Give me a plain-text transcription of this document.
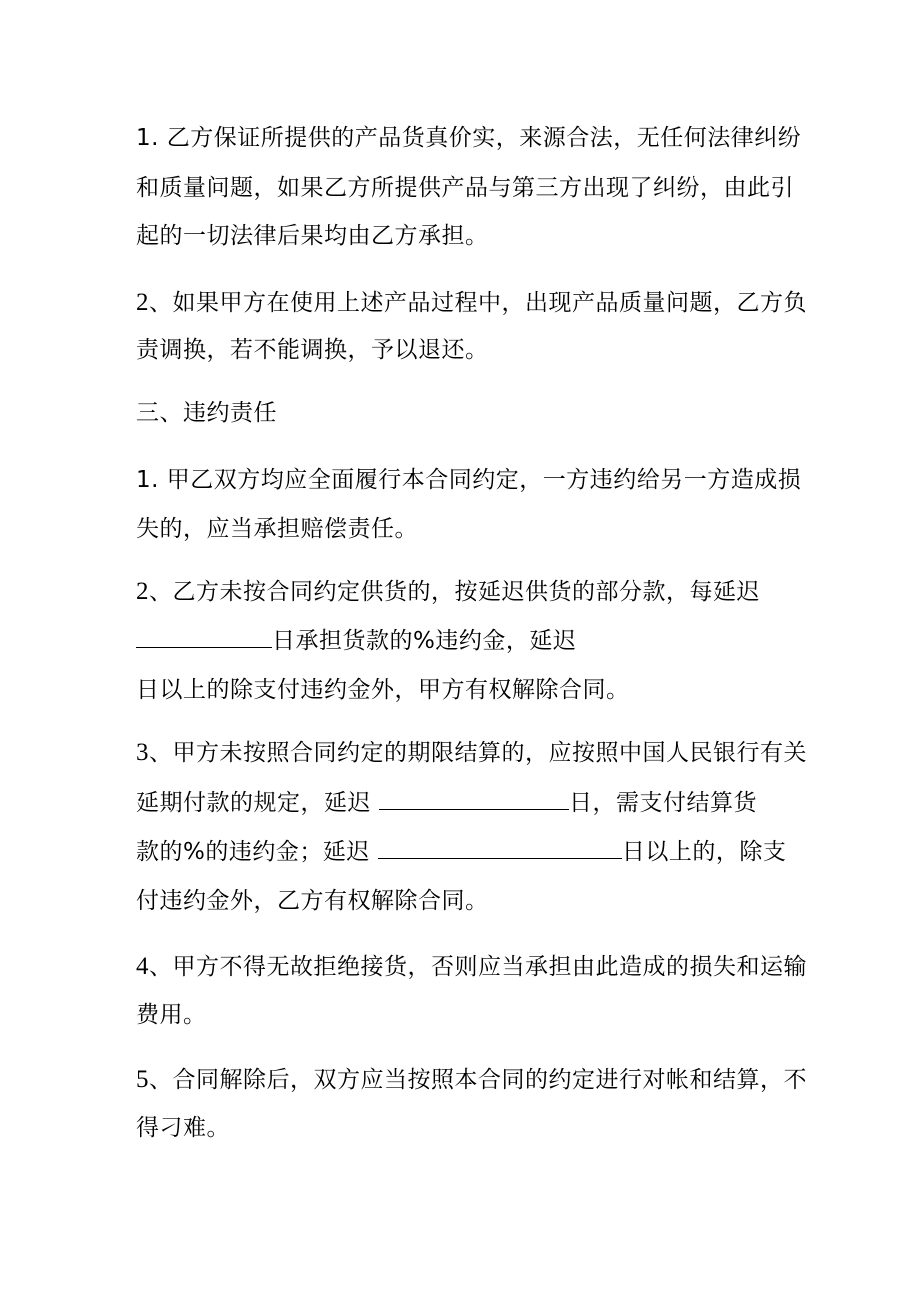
1. 乙方保证所提供的产品货真价实，来源合法，无任何法律纠纷
和质量问题，如果乙方所提供产品与第三方出现了纠纷，由此引
起的一切法律后果均由乙方承担。
2、如果甲方在使用上述产品过程中，出现产品质量问题，乙方负
责调换，若不能调换，予以退还。
三、违约责任
1. 甲乙双方均应全面履行本合同约定，一方违约给另一方造成损
失的，应当承担赔偿责任。
2、乙方未按合同约定供货的，按延迟供货的部分款，每延迟
日承担货款的%违约金，延迟
日以上的除支付违约金外，甲方有权解除合同。
3、甲方未按照合同约定的期限结算的，应按照中国人民银行有关
延期付款的规定，延迟	日，需支付结算货
款的%的违约金；延迟	日以上的，除支
付违约金外，乙方有权解除合同。
4、甲方不得无故拒绝接货，否则应当承担由此造成的损失和运输
费用。
5、合同解除后，双方应当按照本合同的约定进行对帐和结算，不
得刁难。
